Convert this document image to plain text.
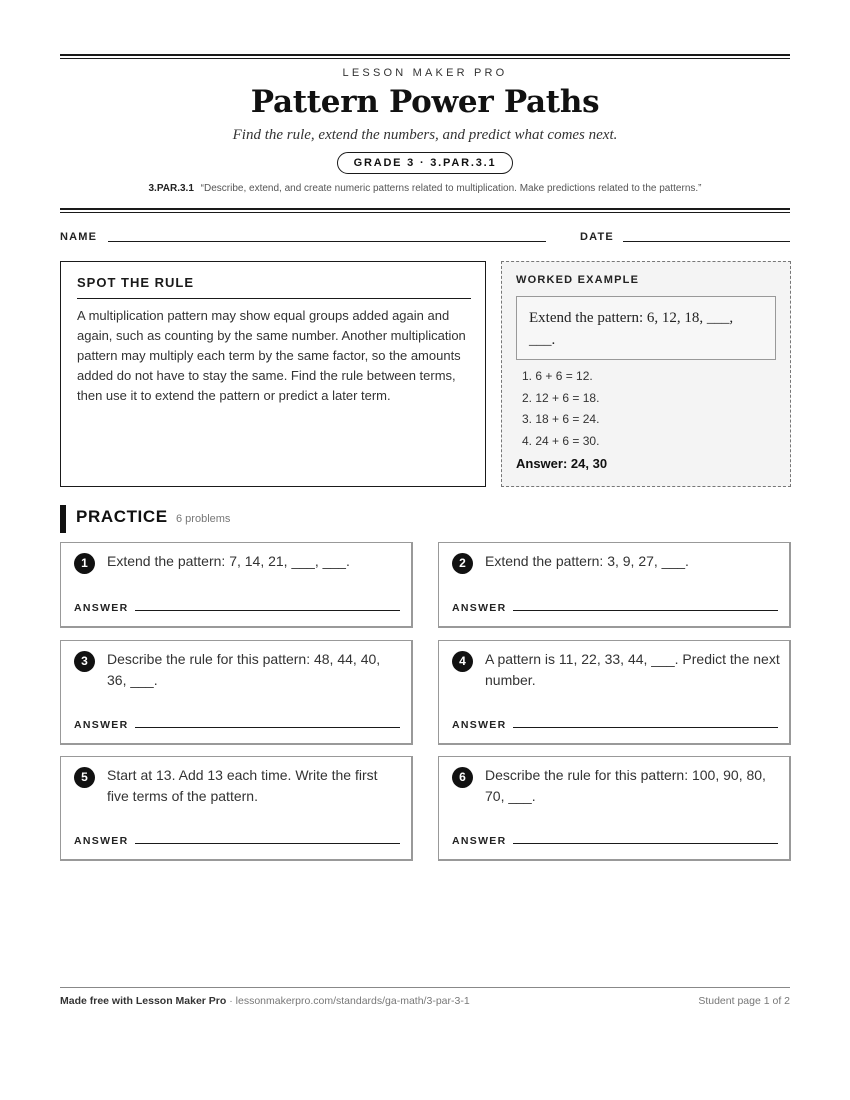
LESSON MAKER PRO
Pattern Power Paths
Find the rule, extend the numbers, and predict what comes next.
GRADE 3 · 3.PAR.3.1
3.PAR.3.1 “Describe, extend, and create numeric patterns related to multiplication. Make predictions related to the patterns.”
NAME	DATE
SPOT THE RULE

A multiplication pattern may show equal groups added again and again, such as counting by the same number. Another multiplication pattern may multiply each term by the same factor, so the amounts added do not have to stay the same. Find the rule between terms, then use it to extend the pattern or predict a later term.

WORKED EXAMPLE
Extend the pattern: 6, 12, 18, ___, ___.
1. 6 + 6 = 12.
2. 12 + 6 = 18.
3. 18 + 6 = 24.
4. 24 + 6 = 30.
Answer: 24, 30
PRACTICE 6 problems
1	Extend the pattern: 7, 14, 21, ___, ___.
ANSWER
2	Extend the pattern: 3, 9, 27, ___.
ANSWER
3	Describe the rule for this pattern: 48, 44, 40, 36, ___.
ANSWER
4	A pattern is 11, 22, 33, 44, ___. Predict the next number.
ANSWER
5	Start at 13. Add 13 each time. Write the first five terms of the pattern.
ANSWER
6	Describe the rule for this pattern: 100, 90, 80, 70, ___.
ANSWER
Made free with Lesson Maker Pro · lessonmakerpro.com/standards/ga-math/3-par-3-1	Student page 1 of 2
